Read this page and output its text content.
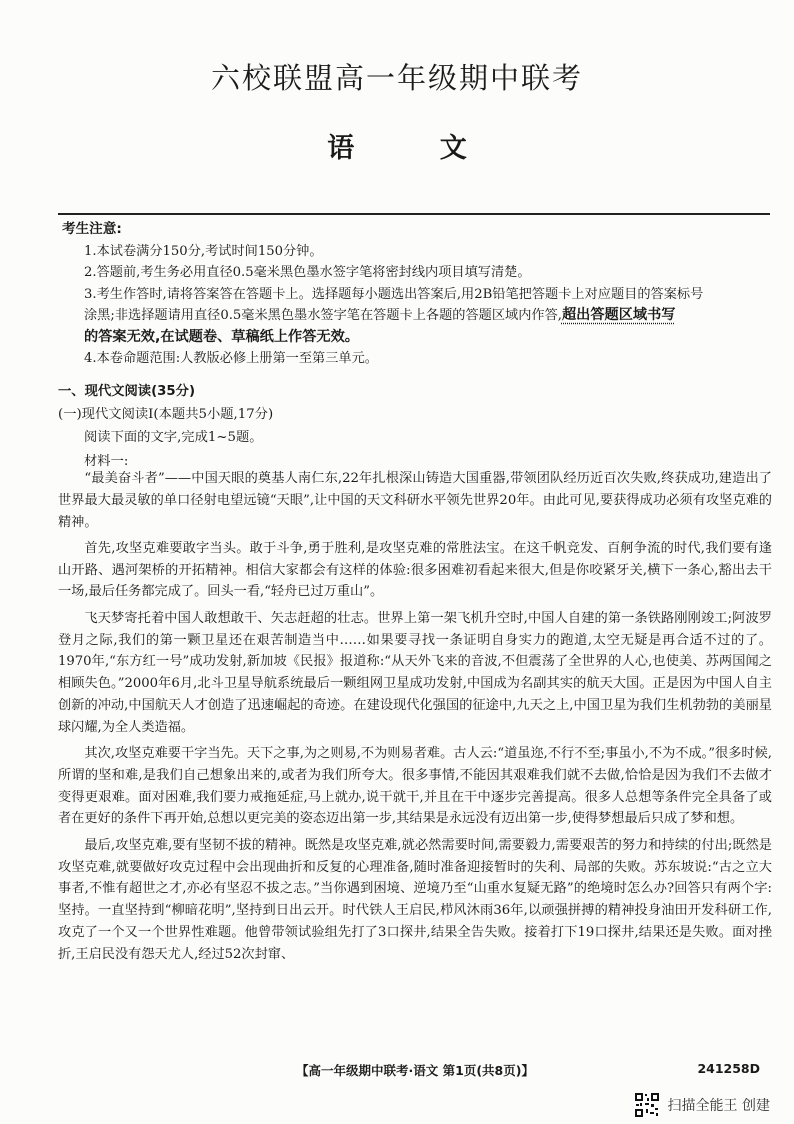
六校联盟高一年级期中联考
语 文
考生注意:
1.本试卷满分150分,考试时间150分钟。
2.答题前,考生务必用直径0.5毫米黑色墨水签字笔将密封线内项目填写清楚。
3.考生作答时,请将答案答在答题卡上。选择题每小题选出答案后,用2B铅笔把答题卡上对应题目的答案标号
涂黑;非选择题请用直径0.5毫米黑色墨水签字笔在答题卡上各题的答题区域内作答,超出答题区域书写
的答案无效,在试题卷、草稿纸上作答无效。
4.本卷命题范围:人教版必修上册第一至第三单元。
一、现代文阅读(35分)
(一)现代文阅读Ⅰ(本题共5小题,17分)
阅读下面的文字,完成1~5题。
材料一:

“最美奋斗者”——中国天眼的奠基人南仁东,22年扎根深山铸造大国重器,带领团队经历近百次失败,终获成功,建造出了世界最大最灵敏的单口径射电望远镜“天眼”,让中国的天文科研水平领先世界20年。由此可见,要获得成功必须有攻坚克难的精神。

首先,攻坚克难要敢字当头。敢于斗争,勇于胜利,是攻坚克难的常胜法宝。在这千帆竞发、百舸争流的时代,我们要有逢山开路、遇河架桥的开拓精神。相信大家都会有这样的体验:很多困难初看起来很大,但是你咬紧牙关,横下一条心,豁出去干一场,最后任务都完成了。回头一看,“轻舟已过万重山”。

飞天梦寄托着中国人敢想敢干、矢志赶超的壮志。世界上第一架飞机升空时,中国人自建的第一条铁路刚刚竣工;阿波罗登月之际,我们的第一颗卫星还在艰苦制造当中……如果要寻找一条证明自身实力的跑道,太空无疑是再合适不过的了。1970年,“东方红一号”成功发射,新加坡《民报》报道称:“从天外飞来的音波,不但震荡了全世界的人心,也使美、苏两国闻之相顾失色。”2000年6月,北斗卫星导航系统最后一颗组网卫星成功发射,中国成为名副其实的航天大国。正是因为中国人自主创新的冲动,中国航天人才创造了迅速崛起的奇迹。在建设现代化强国的征途中,九天之上,中国卫星为我们生机勃勃的美丽星球闪耀,为全人类造福。

其次,攻坚克难要干字当先。天下之事,为之则易,不为则易者难。古人云:“道虽迩,不行不至;事虽小,不为不成。”很多时候,所谓的坚和难,是我们自己想象出来的,或者为我们所夸大。很多事情,不能因其艰难我们就不去做,恰恰是因为我们不去做才变得更艰难。面对困难,我们要力戒拖延症,马上就办,说干就干,并且在干中逐步完善提高。很多人总想等条件完全具备了或者在更好的条件下再开始,总想以更完美的姿态迈出第一步,其结果是永远没有迈出第一步,使得梦想最后只成了梦和想。

最后,攻坚克难,要有坚韧不拔的精神。既然是攻坚克难,就必然需要时间,需要毅力,需要艰苦的努力和持续的付出;既然是攻坚克难,就要做好攻克过程中会出现曲折和反复的心理准备,随时准备迎接暂时的失利、局部的失败。苏东坡说:“古之立大事者,不惟有超世之才,亦必有坚忍不拔之志。”当你遇到困境、逆境乃至“山重水复疑无路”的绝境时怎么办?回答只有两个字:坚持。一直坚持到“柳暗花明”,坚持到日出云开。时代铁人王启民,栉风沐雨36年,以顽强拼搏的精神投身油田开发科研工作,攻克了一个又一个世界性难题。他曾带领试验组先打了3口探井,结果全告失败。接着打下19口探井,结果还是失败。面对挫折,王启民没有怨天尤人,经过52次封窜、

【高一年级期中联考·语文 第1页(共8页)】	241258D
扫描全能王 创建
